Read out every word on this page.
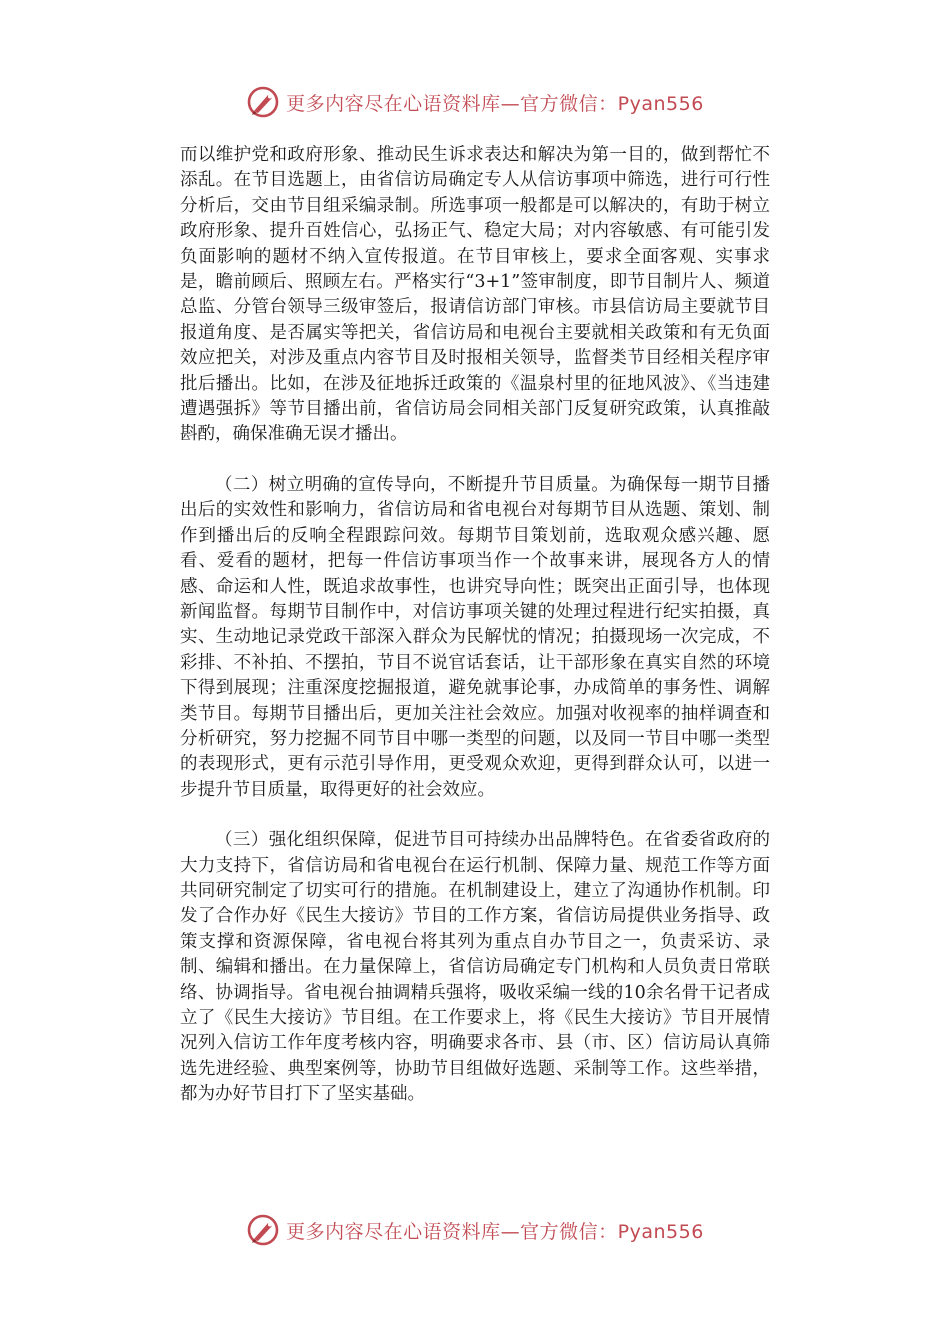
更多内容尽在心语资料库—官方微信：Pyan556

而以维护党和政府形象、推动民生诉求表达和解决为第一目的，做到帮忙不添乱。在节目选题上，由省信访局确定专人从信访事项中筛选，进行可行性分析后，交由节目组采编录制。所选事项一般都是可以解决的，有助于树立政府形象、提升百姓信心，弘扬正气、稳定大局；对内容敏感、有可能引发负面影响的题材不纳入宣传报道。在节目审核上，要求全面客观、实事求是，瞻前顾后、照顾左右。严格实行“3+1”签审制度，即节目制片人、频道总监、分管台领导三级审签后，报请信访部门审核。市县信访局主要就节目报道角度、是否属实等把关，省信访局和电视台主要就相关政策和有无负面效应把关，对涉及重点内容节目及时报相关领导，监督类节目经相关程序审批后播出。比如，在涉及征地拆迁政策的《温泉村里的征地风波》、《当违建遭遇强拆》等节目播出前，省信访局会同相关部门反复研究政策，认真推敲斟酌，确保准确无误才播出。

（二）树立明确的宣传导向，不断提升节目质量。为确保每一期节目播出后的实效性和影响力，省信访局和省电视台对每期节目从选题、策划、制作到播出后的反响全程跟踪问效。每期节目策划前，选取观众感兴趣、愿看、爱看的题材，把每一件信访事项当作一个故事来讲，展现各方人的情感、命运和人性，既追求故事性，也讲究导向性；既突出正面引导，也体现新闻监督。每期节目制作中，对信访事项关键的处理过程进行纪实拍摄，真实、生动地记录党政干部深入群众为民解忧的情况；拍摄现场一次完成，不彩排、不补拍、不摆拍，节目不说官话套话，让干部形象在真实自然的环境下得到展现；注重深度挖掘报道，避免就事论事，办成简单的事务性、调解类节目。每期节目播出后，更加关注社会效应。加强对收视率的抽样调查和分析研究，努力挖掘不同节目中哪一类型的问题，以及同一节目中哪一类型的表现形式，更有示范引导作用，更受观众欢迎，更得到群众认可，以进一步提升节目质量，取得更好的社会效应。

（三）强化组织保障，促进节目可持续办出品牌特色。在省委省政府的大力支持下，省信访局和省电视台在运行机制、保障力量、规范工作等方面共同研究制定了切实可行的措施。在机制建设上，建立了沟通协作机制。印发了合作办好《民生大接访》节目的工作方案，省信访局提供业务指导、政策支撑和资源保障，省电视台将其列为重点自办节目之一，负责采访、录制、编辑和播出。在力量保障上，省信访局确定专门机构和人员负责日常联络、协调指导。省电视台抽调精兵强将，吸收采编一线的10余名骨干记者成立了《民生大接访》节目组。在工作要求上，将《民生大接访》节目开展情况列入信访工作年度考核内容，明确要求各市、县（市、区）信访局认真筛选先进经验、典型案例等，协助节目组做好选题、采制等工作。这些举措，都为办好节目打下了坚实基础。

更多内容尽在心语资料库—官方微信：Pyan556
